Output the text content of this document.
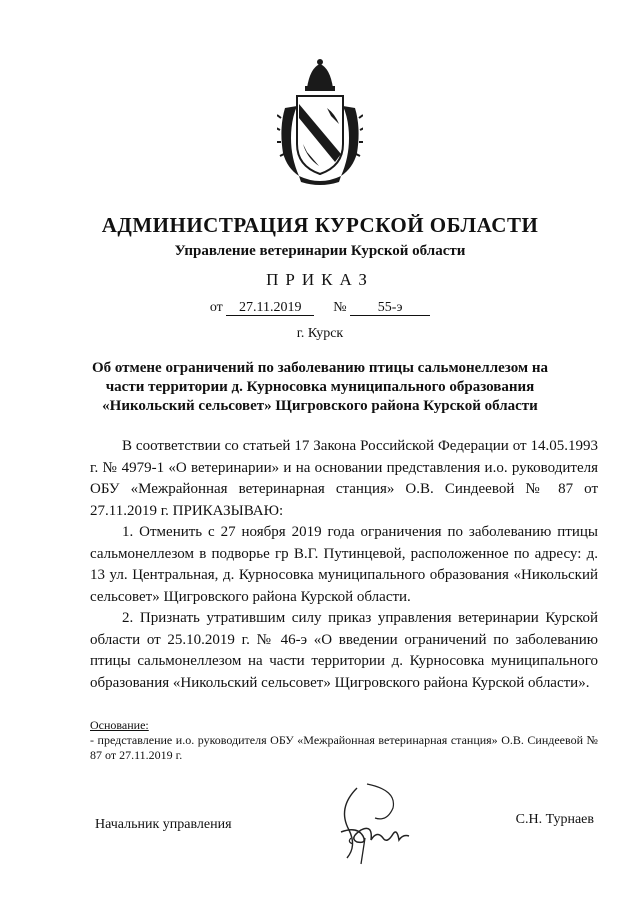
АДМИНИСТРАЦИЯ КУРСКОЙ ОБЛАСТИ
Управление ветеринарии Курской области
ПРИКАЗ
от 27.11.2019 № 55-э
г. Курск
Об отмене ограничений по заболеванию птицы сальмонеллезом на части территории д. Курносовка муниципального образования «Никольский сельсовет» Щигровского района Курской области

В соответствии со статьей 17 Закона Российской Федерации от 14.05.1993 г. № 4979-1 «О ветеринарии» и на основании представления и.о. руководителя ОБУ «Межрайонная ветеринарная станция» О.В. Синдеевой № 87 от 27.11.2019 г. ПРИКАЗЫВАЮ:

1. Отменить с 27 ноября 2019 года ограничения по заболеванию птицы сальмонеллезом в подворье гр В.Г. Путинцевой, расположенное по адресу: д. 13 ул. Центральная, д. Курносовка муниципального образования «Никольский сельсовет» Щигровского района Курской области.

2. Признать утратившим силу приказ управления ветеринарии Курской области от 25.10.2019 г. № 46-э «О введении ограничений по заболеванию птицы сальмонеллезом на части территории д. Курносовка муниципального образования «Никольский сельсовет» Щигровского района Курской области».

Основание:

- представление и.о. руководителя ОБУ «Межрайонная ветеринарная станция» О.В. Синдеевой № 87 от 27.11.2019 г.

Начальник управления	С.Н. Турнаев
